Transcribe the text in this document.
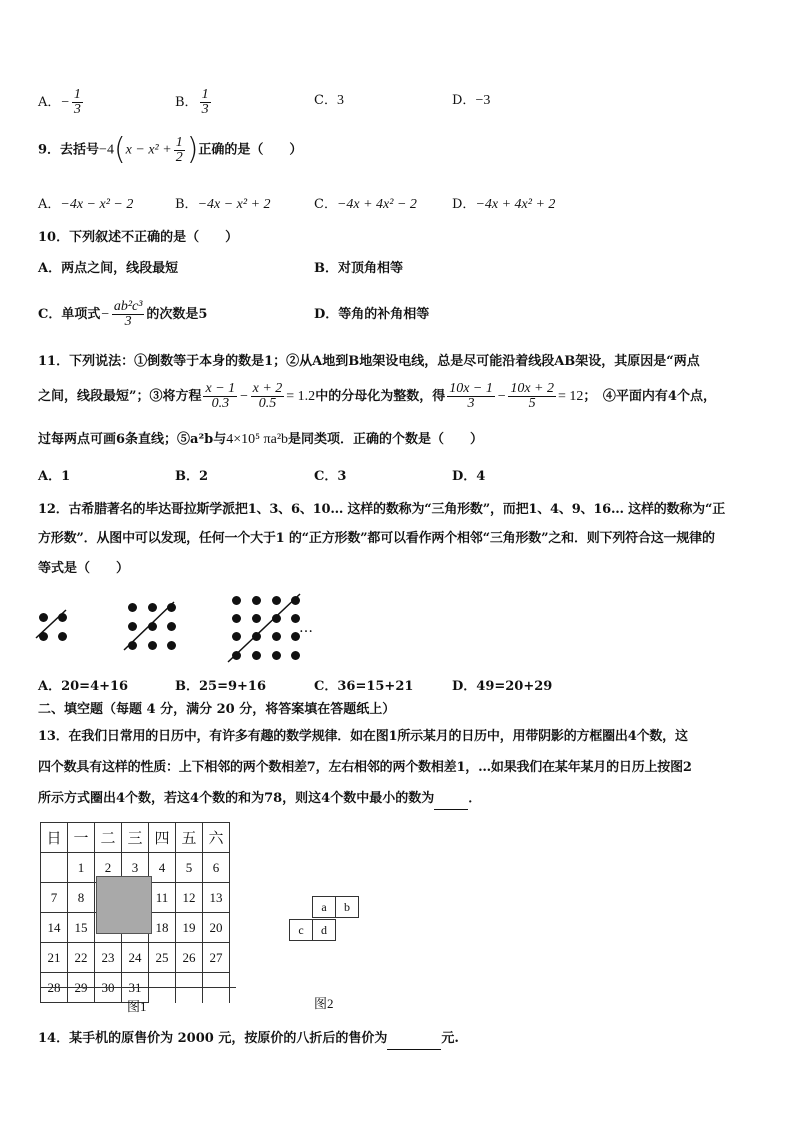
A．− $\frac{1}{3}$	B． $\frac{1}{3}$	C．3	D．−3
9．去括号$-4(x - x^2 + \frac{1}{2}$ )正确的是（　　）
A．−4x − x² − 2	B．−4x − x² + 2	C．−4x + 4x² − 2	D．−4x + 4x² + 2
10．下列叙述不正确的是（　　）
A．两点之间，线段最短	B．对顶角相等
C．单项式− $\frac{\text{ab²c³}}{3}$ 的次数是5	D．等角的补角相等
11．下列说法：①倒数等于本身的数是1；②从A地到B地架设电线，总是尽可能沿着线段AB架设，其原因是“两点
之间，线段最短”；③将方程 $\frac{x - 1}{0.3} - \frac{x + 2}{0.5} = 1.2$中的分母化为整数，得 $\frac{10x - 1}{3} - \frac{10x + 2}{5} = 12$；　④平面内有4个点，
过每两点可画6条直线；⑤a²b与4×10⁵ πa²b是同类项．正确的个数是（　　）
A．1	B．2	C．3	D．4
12．古希腊著名的毕达哥拉斯学派把1、3、6、10… 这样的数称为“三角形数”，而把1、4、9、16… 这样的数称为“正
方形数”．从图中可以发现，任何一个大于1 的“正方形数”都可以看作两个相邻“三角形数”之和．则下列符合这一规律的
等式是（　　）
…
A．20=4+16	B．25=9+16	C．36=15+21	D．49=20+29
二、填空题（每题 4 分，满分 20 分，将答案填在答题纸上）
13．在我们日常用的日历中，有许多有趣的数学规律．如在图1所示某月的日历中，用带阴影的方框圈出4个数，这
四个数具有这样的性质：上下相邻的两个数相差7，左右相邻的两个数相差1，…如果我们在某年某月的日历上按图2
所示方式圈出4个数，若这4个数的和为78，则这4个数中最小的数为	．
日	一	二	三	四	五	六
	1	2	3	4	5	6
7	8			11	12	13
14	15			18	19	20
21	22	23	24	25	26	27
28	29	30	31			
图1
a	b
c	d
图2
14．某手机的原售价为 2000 元，按原价的八折后的售价为	元.
